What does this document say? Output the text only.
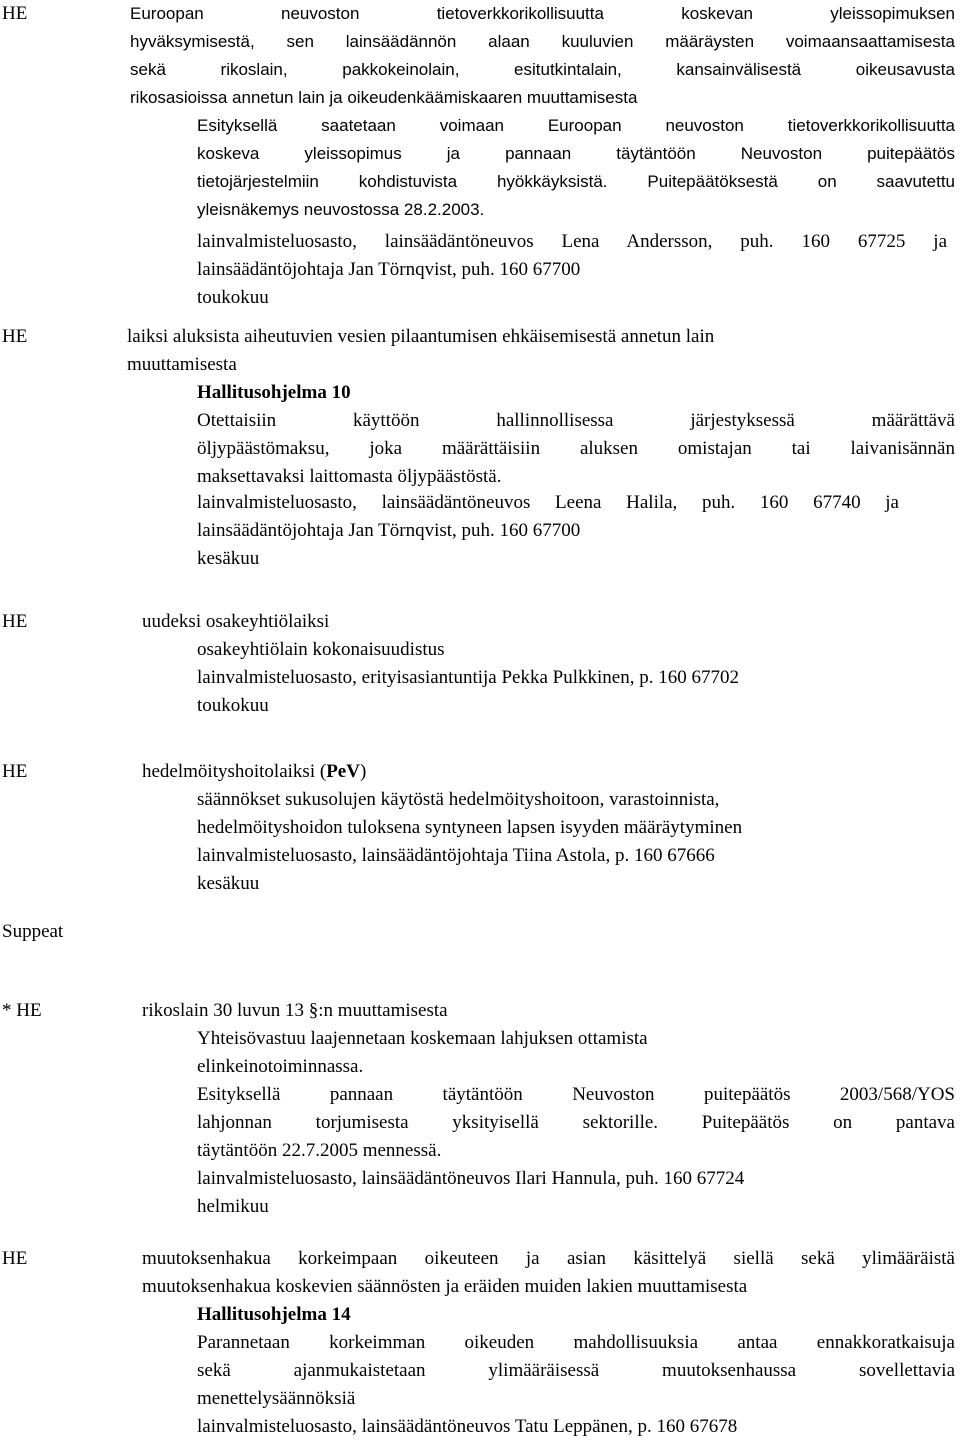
HE	Euroopan neuvoston tietoverkkorikollisuutta koskevan yleissopimuksen
hyväksymisestä, sen lainsäädännön alaan kuuluvien määräysten voimaansaattamisesta
sekä rikoslain, pakkokeinolain, esitutkintalain, kansainvälisestä oikeusavusta
rikosasioissa annetun lain ja oikeudenkäämiskaaren muuttamisesta
Esityksellä saatetaan voimaan Euroopan neuvoston tietoverkkorikollisuutta
koskeva yleissopimus ja pannaan täytäntöön Neuvoston puitepäätös
tietojärjestelmiin kohdistuvista hyökkäyksistä. Puitepäätöksestä on saavutettu
yleisnäkemys neuvostossa 28.2.2003.
lainvalmisteluosasto, lainsäädäntöneuvos Lena Andersson, puh. 160 67725 ja
lainsäädäntöjohtaja Jan Törnqvist, puh. 160 67700
toukokuu
HE	laiksi aluksista aiheutuvien vesien pilaantumisen ehkäisemisestä annetun lain
muuttamisesta
Hallitusohjelma 10
Otettaisiin käyttöön hallinnollisessa järjestyksessä määrättävä
öljypäästömaksu, joka määrättäisiin aluksen omistajan tai laivanisännän
maksettavaksi laittomasta öljypäästöstä.
lainvalmisteluosasto, lainsäädäntöneuvos Leena Halila, puh. 160 67740 ja
lainsäädäntöjohtaja Jan Törnqvist, puh. 160 67700
kesäkuu
HE	uudeksi osakeyhtiölaiksi
osakeyhtiölain kokonaisuudistus
lainvalmisteluosasto, erityisasiantuntija Pekka Pulkkinen, p. 160 67702
toukokuu
HE	hedelmöityshoitolaiksi (PeV)
säännökset sukusolujen käytöstä hedelmöityshoitoon, varastoinnista,
hedelmöityshoidon tuloksena syntyneen lapsen isyyden määräytyminen
lainvalmisteluosasto, lainsäädäntöjohtaja Tiina Astola, p. 160 67666
kesäkuu
Suppeat
* HE	rikoslain 30 luvun 13 §:n muuttamisesta
Yhteisövastuu laajennetaan koskemaan lahjuksen ottamista
elinkeinotoiminnassa.
Esityksellä pannaan täytäntöön Neuvoston puitepäätös 2003/568/YOS
lahjonnan torjumisesta yksityisellä sektorille. Puitepäätös on pantava
täytäntöön 22.7.2005 mennessä.
lainvalmisteluosasto, lainsäädäntöneuvos Ilari Hannula, puh. 160 67724
helmikuu
HE	muutoksenhakua korkeimpaan oikeuteen ja asian käsittelyä siellä sekä ylimääräistä
muutoksenhakua koskevien säännösten ja eräiden muiden lakien muuttamisesta
Hallitusohjelma 14
Parannetaan korkeimman oikeuden mahdollisuuksia antaa ennakkoratkaisuja
sekä ajanmukaistetaan ylimääräisessä muutoksenhaussa sovellettavia
menettelysäännöksiä
lainvalmisteluosasto, lainsäädäntöneuvos Tatu Leppänen, p. 160 67678
